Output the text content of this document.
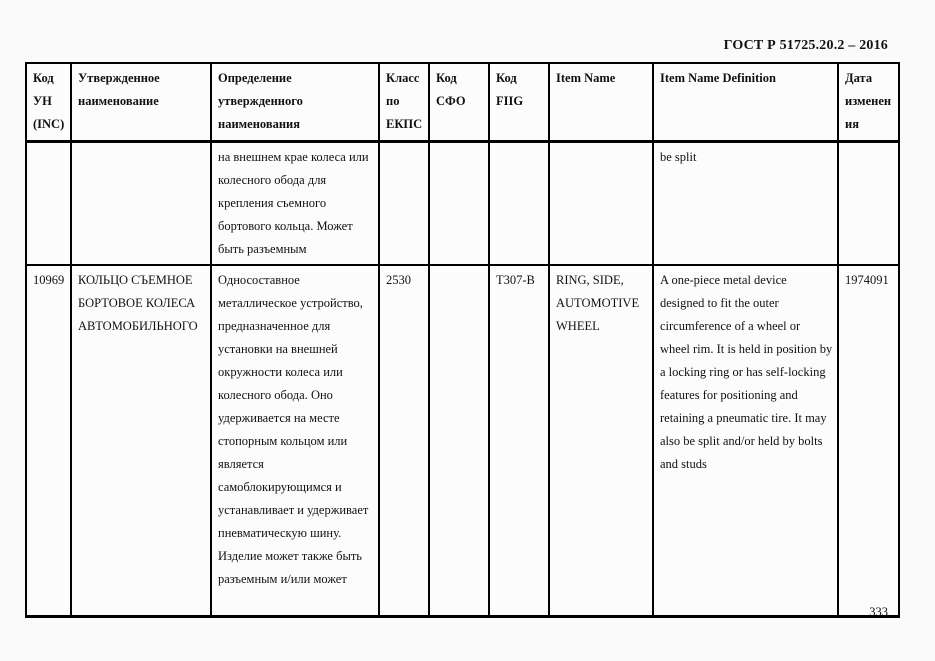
ГОСТ Р 51725.20.2 – 2016
Код УН (INC)	Утвержденное наименование	Определение утвержденного наименования	Класс по ЕКПС	Код СФО	Код FIIG	Item Name	Item Name Definition	Дата изменения
		на внешнем крае колеса или колесного обода для крепления съемного бортового кольца. Может быть разъемным					be split	
10969	КОЛЬЦО СЪЕМНОЕ БОРТОВОЕ КОЛЕСА АВТОМОБИЛЬНОГО	Односоставное металлическое устройство, предназначенное для установки на внешней окружности колеса или колесного обода. Оно удерживается на месте стопорным кольцом или является самоблокирующимся и устанавливает и удерживает пневматическую шину. Изделие может также быть разъемным и/или может	2530		T307-B	RING, SIDE, AUTOMOTIVE WHEEL	A one-piece metal device designed to fit the outer circumference of a wheel or wheel rim. It is held in position by a locking ring or has self-locking features for positioning and retaining a pneumatic tire. It may also be split and/or held by bolts and studs	1974091
333
